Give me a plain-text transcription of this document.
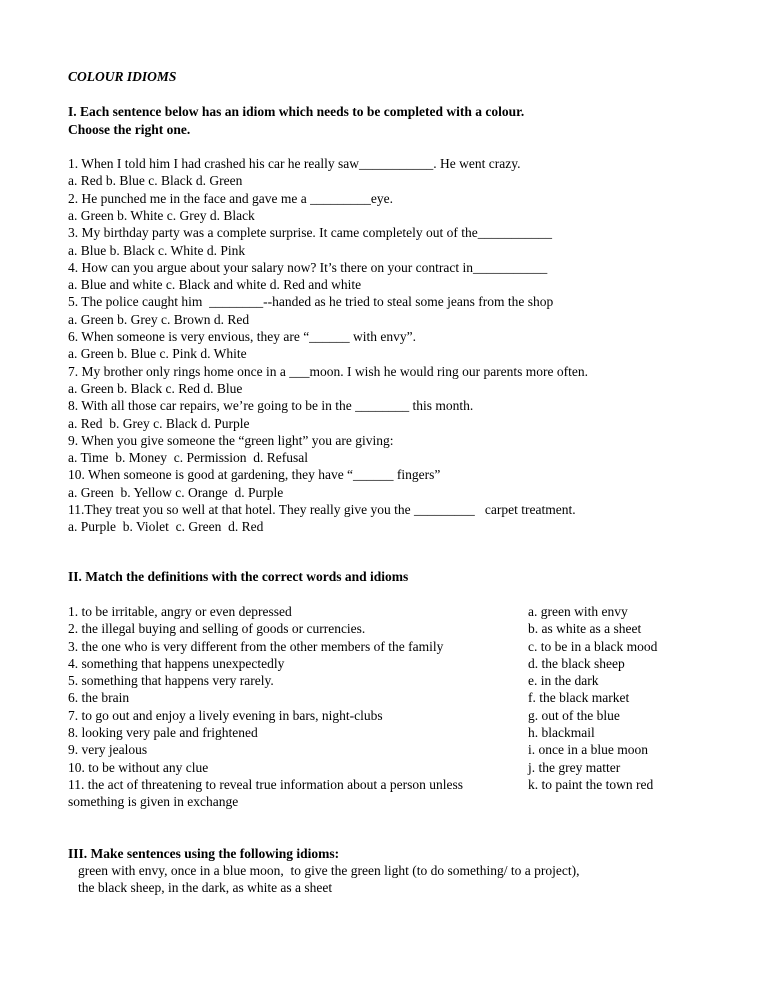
COLOUR IDIOMS
I. Each sentence below has an idiom which needs to be completed with a colour.
Choose the right one.
1. When I told him I had crashed his car he really saw___________. He went crazy.
a. Red b. Blue c. Black d. Green
2. He punched me in the face and gave me a _________eye.
a. Green b. White c. Grey d. Black
3. My birthday party was a complete surprise. It came completely out of the___________
a. Blue b. Black c. White d. Pink
4. How can you argue about your salary now? It’s there on your contract in___________
a. Blue and white c. Black and white d. Red and white
5. The police caught him  ________--handed as he tried to steal some jeans from the shop
a. Green b. Grey c. Brown d. Red
6. When someone is very envious, they are “______ with envy”.
a. Green b. Blue c. Pink d. White
7. My brother only rings home once in a ___moon. I wish he would ring our parents more often.
a. Green b. Black c. Red d. Blue
8. With all those car repairs, we’re going to be in the ________ this month.
a. Red  b. Grey c. Black d. Purple
9. When you give someone the “green light” you are giving:
a. Time  b. Money  c. Permission  d. Refusal
10. When someone is good at gardening, they have “______ fingers”
a. Green  b. Yellow c. Orange  d. Purple
11.They treat you so well at that hotel. They really give you the _________   carpet treatment.
a. Purple  b. Violet  c. Green  d. Red
II. Match the definitions with the correct words and idioms
1. to be irritable, angry or even depressed
2. the illegal buying and selling of goods or currencies.
3. the one who is very different from the other members of the family
4. something that happens unexpectedly
5. something that happens very rarely.
6. the brain
7. to go out and enjoy a lively evening in bars, night-clubs
8. looking very pale and frightened
9. very jealous
10. to be without any clue
11. the act of threatening to reveal true information about a person unless something is given in exchange
a. green with envy
b. as white as a sheet
c. to be in a black mood
d. the black sheep
e. in the dark
f. the black market
g. out of the blue
h. blackmail
i. once in a blue moon
j. the grey matter
k. to paint the town red
III. Make sentences using the following idioms:
green with envy, once in a blue moon,  to give the green light (to do something/ to a project),
the black sheep, in the dark, as white as a sheet
